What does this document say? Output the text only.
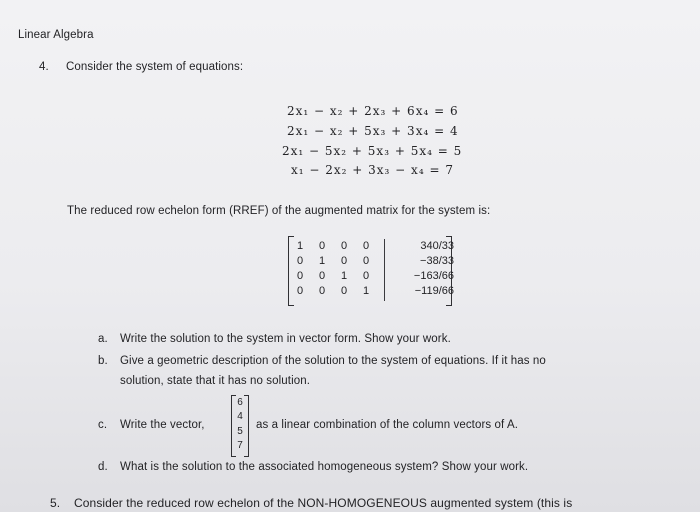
Linear Algebra
4. Consider the system of equations:
2x₁ − x₂ + 2x₃ + 6x₄ = 6
2x₁ − x₂ + 5x₃ + 3x₄ = 4
2x₁ − 5x₂ + 5x₃ + 5x₄ = 5
x₁ − 2x₂ + 3x₃ − x₄ = 7
The reduced row echelon form (RREF) of the augmented matrix for the system is:
1	0	0	0	340/33
0	1	0	0	−38/33
0	0	1	0	−163/66
0	0	0	1	−119/66
a. Write the solution to the system in vector form. Show your work.
b. Give a geometric description of the solution to the system of equations. If it has no
solution, state that it has no solution.
c. Write the vector,
6
4
5
7
as a linear combination of the column vectors of A.
d. What is the solution to the associated homogeneous system? Show your work.
5. Consider the reduced row echelon of the NON-HOMOGENEOUS augmented system (this is
